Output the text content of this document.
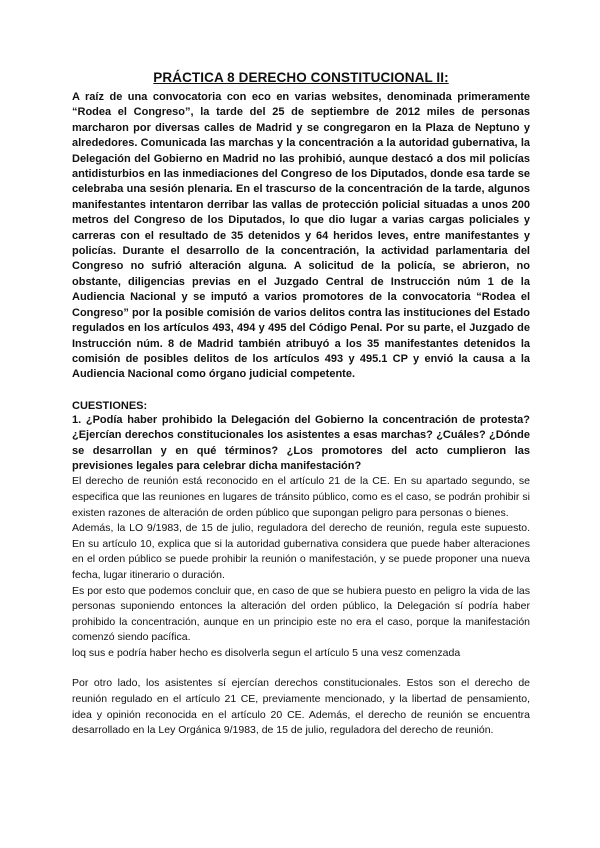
PRÁCTICA 8 DERECHO CONSTITUCIONAL II:

A raíz de una convocatoria con eco en varias websites, denominada primeramente “Rodea el Congreso”, la tarde del 25 de septiembre de 2012 miles de personas marcharon por diversas calles de Madrid y se congregaron en la Plaza de Neptuno y alrededores. Comunicada las marchas y la concentración a la autoridad gubernativa, la Delegación del Gobierno en Madrid no las prohibió, aunque destacó a dos mil policías antidisturbios en las inmediaciones del Congreso de los Diputados, donde esa tarde se celebraba una sesión plenaria. En el trascurso de la concentración de la tarde, algunos manifestantes intentaron derribar las vallas de protección policial situadas a unos 200 metros del Congreso de los Diputados, lo que dio lugar a varias cargas policiales y carreras con el resultado de 35 detenidos y 64 heridos leves, entre manifestantes y policías. Durante el desarrollo de la concentración, la actividad parlamentaria del Congreso no sufrió alteración alguna. A solicitud de la policía, se abrieron, no obstante, diligencias previas en el Juzgado Central de Instrucción núm 1 de la Audiencia Nacional y se imputó a varios promotores de la convocatoria “Rodea el Congreso” por la posible comisión de varios delitos contra las instituciones del Estado regulados en los artículos 493, 494 y 495 del Código Penal. Por su parte, el Juzgado de Instrucción núm. 8 de Madrid también atribuyó a los 35 manifestantes detenidos la comisión de posibles delitos de los artículos 493 y 495.1 CP y envió la causa a la Audiencia Nacional como órgano judicial competente.

CUESTIONES:

1. ¿Podía haber prohibido la Delegación del Gobierno la concentración de protesta? ¿Ejercían derechos constitucionales los asistentes a esas marchas? ¿Cuáles? ¿Dónde se desarrollan y en qué términos? ¿Los promotores del acto cumplieron las previsiones legales para celebrar dicha manifestación?

El derecho de reunión está reconocido en el artículo 21 de la CE. En su apartado segundo, se especifica que las reuniones en lugares de tránsito público, como es el caso, se podrán prohibir si existen razones de alteración de orden público que supongan peligro para personas o bienes.

Además, la LO 9/1983, de 15 de julio, reguladora del derecho de reunión, regula este supuesto. En su artículo 10, explica que si la autoridad gubernativa considera que puede haber alteraciones en el orden público se puede prohibir la reunión o manifestación, y se puede proponer una nueva fecha, lugar itinerario o duración.

Es por esto que podemos concluir que, en caso de que se hubiera puesto en peligro la vida de las personas suponiendo entonces la alteración del orden público, la Delegación sí podría haber prohibido la concentración, aunque en un principio este no era el caso, porque la manifestación comenzó siendo pacífica.

loq sus e podría haber hecho es disolverla segun el artículo 5 una vesz comenzada

Por otro lado, los asistentes sí ejercían derechos constitucionales. Estos son el derecho de reunión regulado en el artículo 21 CE, previamente mencionado, y la libertad de pensamiento, idea y opinión reconocida en el artículo 20 CE. Además, el derecho de reunión se encuentra desarrollado en la Ley Orgánica 9/1983, de 15 de julio, reguladora del derecho de reunión.
